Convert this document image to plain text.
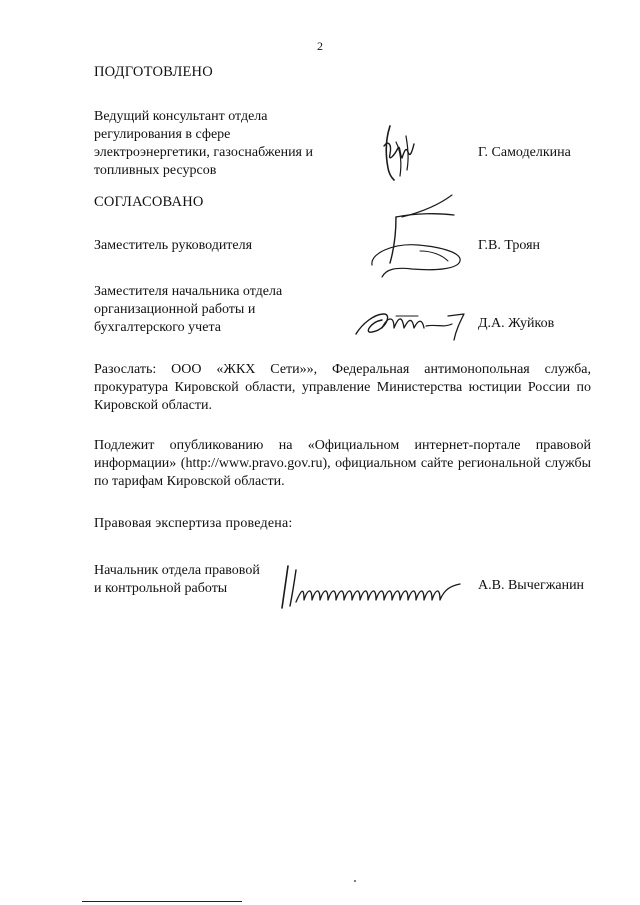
2
ПОДГОТОВЛЕНО
Ведущий консультант отдела
регулирования в сфере
электроэнергетики, газоснабжения и
топливных ресурсов
Г. Самоделкина
СОГЛАСОВАНО
Заместитель руководителя	Г.В. Троян
Заместителя начальника отдела
организационной работы и
бухгалтерского учета	Д.А. Жуйков
Разослать: ООО «ЖКХ Сети»», Федеральная антимонопольная служба, прокуратура Кировской области, управление Министерства юстиции России по Кировской области.
Подлежит опубликованию на «Официальном интернет-портале правовой информации» (http://www.pravo.gov.ru), официальном сайте региональной службы по тарифам Кировской области.
Правовая экспертиза проведена:
Начальник отдела правовой
и контрольной работы	А.В. Вычегжанин
